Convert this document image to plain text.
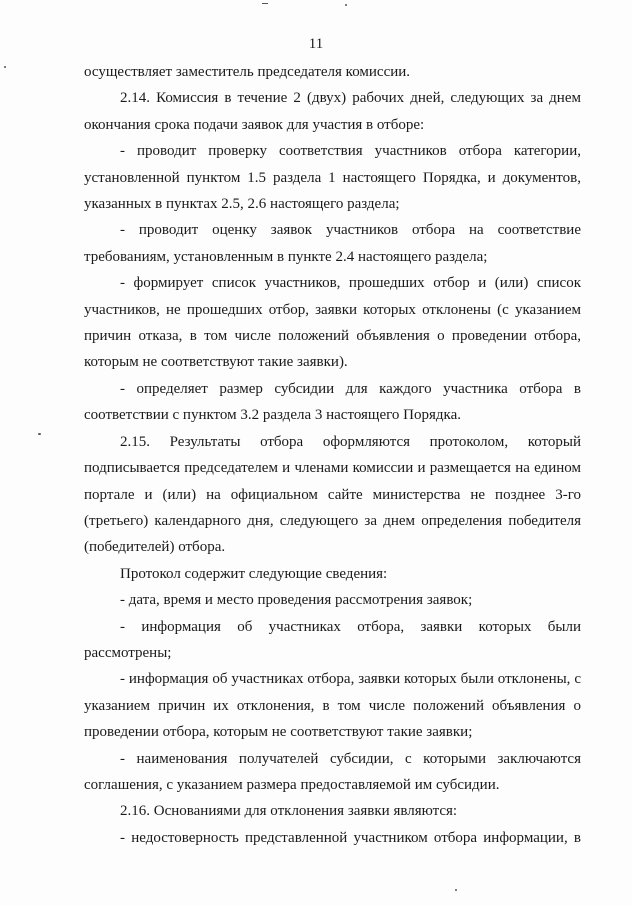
11

осуществляет заместитель председателя комиссии.

2.14. Комиссия в течение 2 (двух) рабочих дней, следующих за днем окончания срока подачи заявок для участия в отборе:

- проводит проверку соответствия участников отбора категории, установленной пунктом 1.5 раздела 1 настоящего Порядка, и документов, указанных в пунктах 2.5, 2.6 настоящего раздела;

- проводит оценку заявок участников отбора на соответствие требованиям, установленным в пункте 2.4 настоящего раздела;

- формирует список участников, прошедших отбор и (или) список участников, не прошедших отбор, заявки которых отклонены (с указанием причин отказа, в том числе положений объявления о проведении отбора, которым не соответствуют такие заявки).

- определяет размер субсидии для каждого участника отбора в соответствии с пунктом 3.2 раздела 3 настоящего Порядка.

2.15. Результаты отбора оформляются протоколом, который подписывается председателем и членами комиссии и размещается на едином портале и (или) на официальном сайте министерства не позднее 3-го (третьего) календарного дня, следующего за днем определения победителя (победителей) отбора.

Протокол содержит следующие сведения:

- дата, время и место проведения рассмотрения заявок;

- информация об участниках отбора, заявки которых были рассмотрены;

- информация об участниках отбора, заявки которых были отклонены, с указанием причин их отклонения, в том числе положений объявления о проведении отбора, которым не соответствуют такие заявки;

- наименования получателей субсидии, с которыми заключаются соглашения, с указанием размера предоставляемой им субсидии.

2.16. Основаниями для отклонения заявки являются:

- недостоверность представленной участником отбора информации, в
